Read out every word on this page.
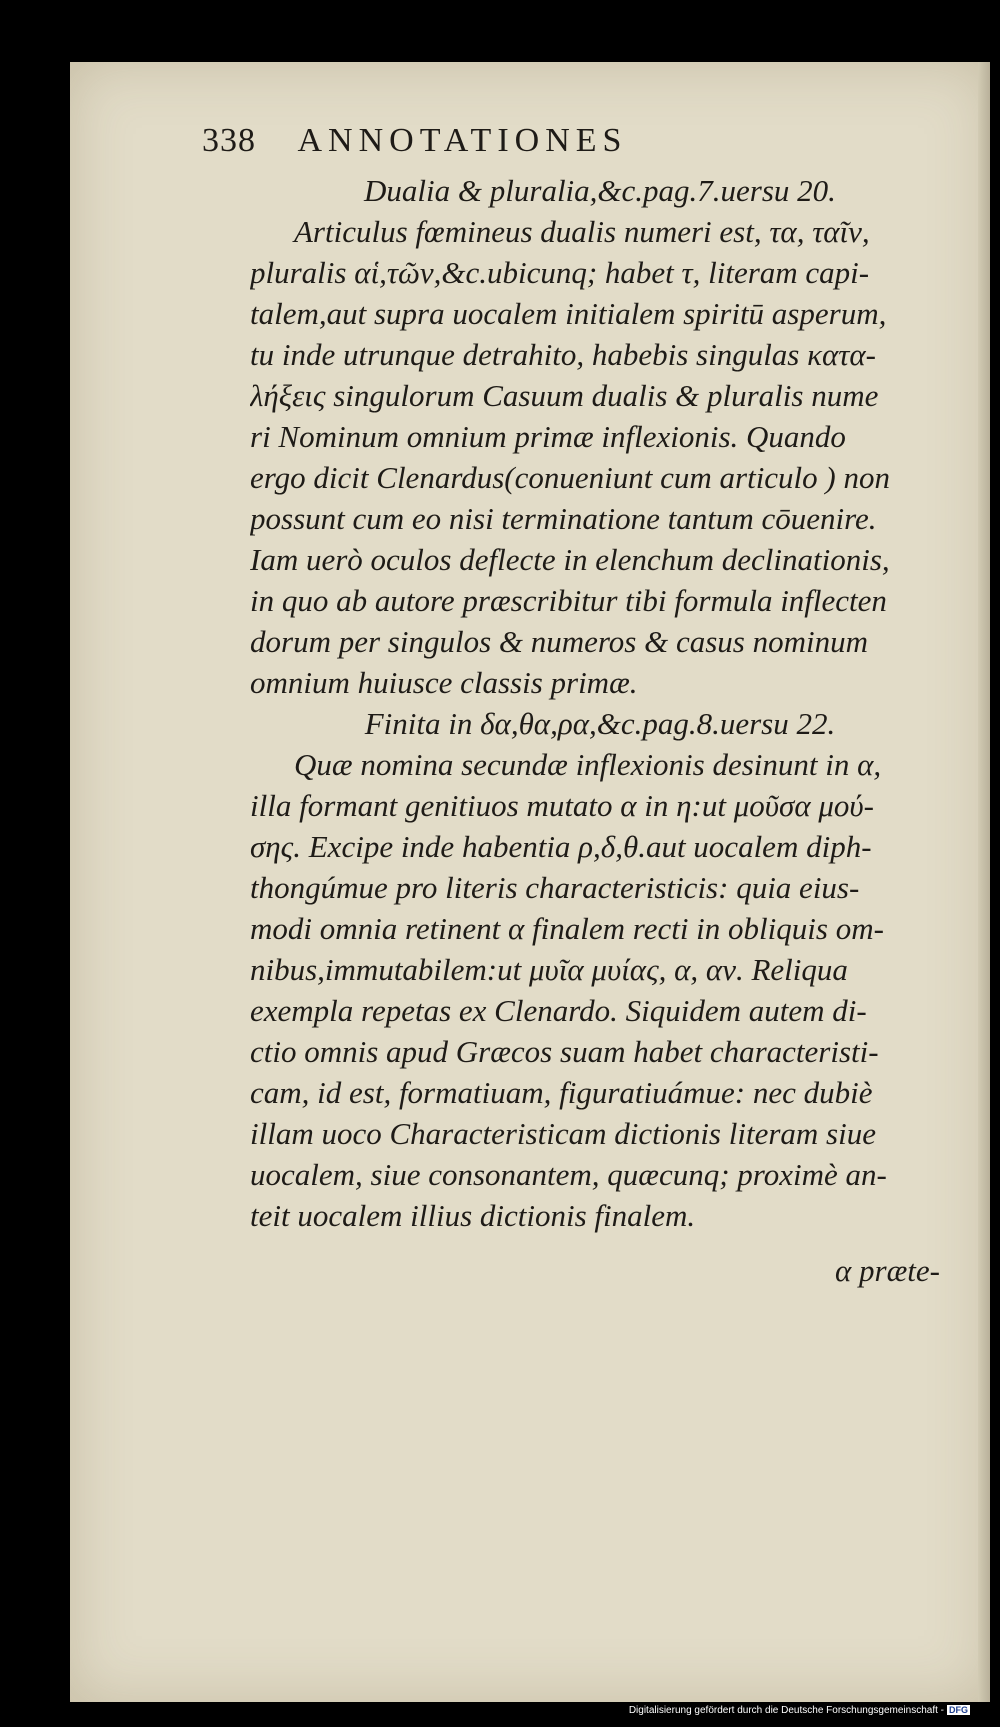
338 ANNOTATIONES
Dualia & pluralia,&c.pag.7.uersu 20.
Articulus fœmineus dualis numeri est, τα, ταῖν,
pluralis αἱ,τῶν,&c.ubicunq; habet τ, literam capi-
talem,aut supra uocalem initialem spiritū asperum,
tu inde utrunque detrahito, habebis singulas κατα-
λήξεις singulorum Casuum dualis & pluralis nume
ri Nominum omnium primæ inflexionis. Quando
ergo dicit Clenardus(conueniunt cum articulo ) non
possunt cum eo nisi terminatione tantum cōuenire.
Iam uerò oculos deflecte in elenchum declinationis,
in quo ab autore præscribitur tibi formula inflecten
dorum per singulos & numeros & casus nominum
omnium huiusce classis primæ.
Finita in δα,θα,ρα,&c.pag.8.uersu 22.
Quæ nomina secundæ inflexionis desinunt in α,
illa formant genitiuos mutato α in η:ut μοῦσα μού-
σης. Excipe inde habentia ρ,δ,θ.aut uocalem diph-
thongúmue pro literis characteristicis: quia eius-
modi omnia retinent α finalem recti in obliquis om-
nibus,immutabilem:ut μυῖα μυίας, α, αν. Reliqua
exempla repetas ex Clenardo. Siquidem autem di-
ctio omnis apud Græcos suam habet characteristi-
cam, id est, formatiuam, figuratiuámue: nec dubiè
illam uoco Characteristicam dictionis literam siue
uocalem, siue consonantem, quæcunq; proximè an-
teit uocalem illius dictionis finalem.
α præte-
Digitalisierung gefördert durch die Deutsche Forschungsgemeinschaft - DFG
